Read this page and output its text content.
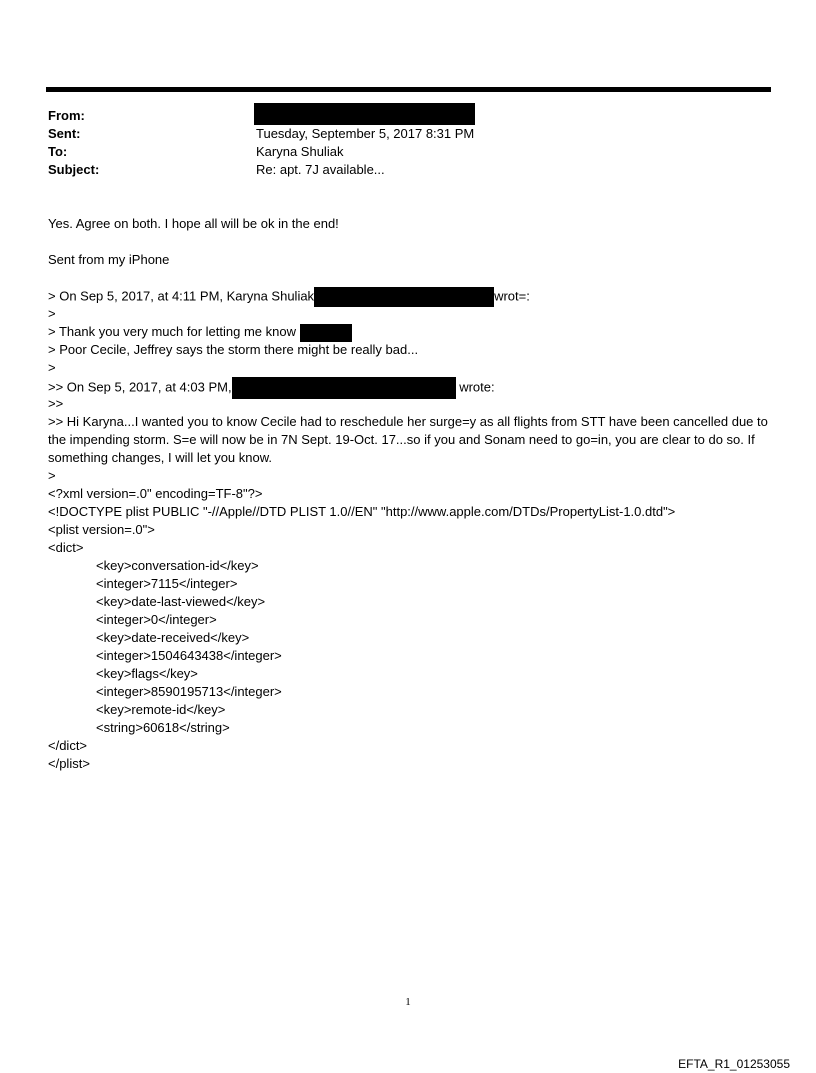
From:
Sent:	Tuesday, September 5, 2017 8:31 PM
To:	Karyna Shuliak
Subject:	Re: apt. 7J available...
Yes. Agree on both. I hope all will be ok in the end!
Sent from my iPhone
> On Sep 5, 2017, at 4:11 PM, Karyna Shuliak	wrot=:
>
> Thank you very much for letting me know
> Poor Cecile, Jeffrey says the storm there might be really bad...
>
>> On Sep 5, 2017, at 4:03 PM,	wrote:
>>
>> Hi Karyna...I wanted you to know Cecile had to reschedule her surge=y as all flights from STT have been cancelled due to the impending storm. S=e will now be in 7N Sept. 19-Oct. 17...so if you and Sonam need to go=in, you are clear to do so. If something changes, I will let you know.
>
<?xml version=.0" encoding=TF-8"?>
<!DOCTYPE plist PUBLIC "-//Apple//DTD PLIST 1.0//EN" "http://www.apple.com/DTDs/PropertyList-1.0.dtd">
<plist version=.0">
<dict>
<key>conversation-id</key>
<integer>7115</integer>
<key>date-last-viewed</key>
<integer>0</integer>
<key>date-received</key>
<integer>1504643438</integer>
<key>flags</key>
<integer>8590195713</integer>
<key>remote-id</key>
<string>60618</string>
</dict>
</plist>
1
EFTA_R1_01253055
